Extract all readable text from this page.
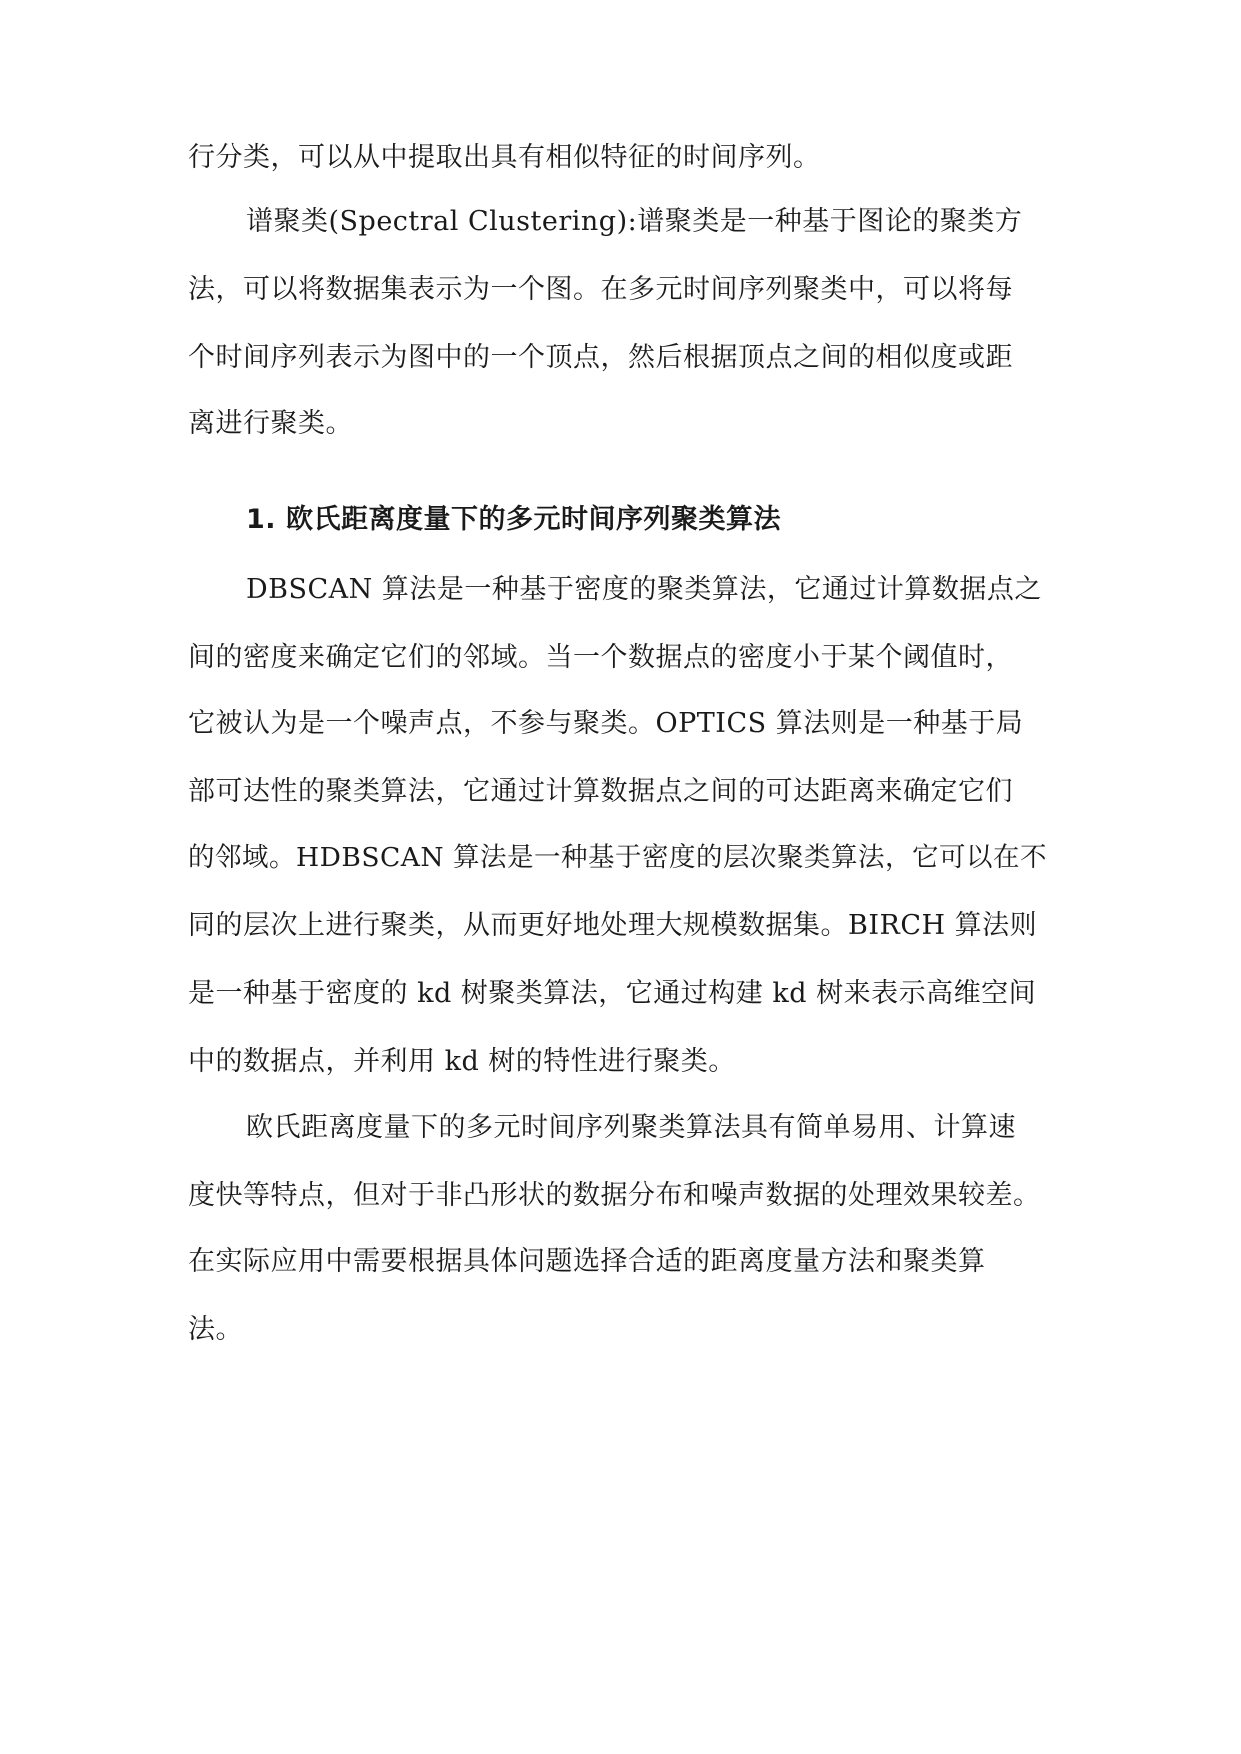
行分类，可以从中提取出具有相似特征的时间序列。
谱聚类(Spectral Clustering):谱聚类是一种基于图论的聚类方
法，可以将数据集表示为一个图。在多元时间序列聚类中，可以将每
个时间序列表示为图中的一个顶点，然后根据顶点之间的相似度或距
离进行聚类。
1. 欧氏距离度量下的多元时间序列聚类算法
DBSCAN 算法是一种基于密度的聚类算法，它通过计算数据点之
间的密度来确定它们的邻域。当一个数据点的密度小于某个阈值时，
它被认为是一个噪声点，不参与聚类。OPTICS 算法则是一种基于局
部可达性的聚类算法，它通过计算数据点之间的可达距离来确定它们
的邻域。HDBSCAN 算法是一种基于密度的层次聚类算法，它可以在不
同的层次上进行聚类，从而更好地处理大规模数据集。BIRCH 算法则
是一种基于密度的 kd 树聚类算法，它通过构建 kd 树来表示高维空间
中的数据点，并利用 kd 树的特性进行聚类。
欧氏距离度量下的多元时间序列聚类算法具有简单易用、计算速
度快等特点，但对于非凸形状的数据分布和噪声数据的处理效果较差。
在实际应用中需要根据具体问题选择合适的距离度量方法和聚类算
法。
